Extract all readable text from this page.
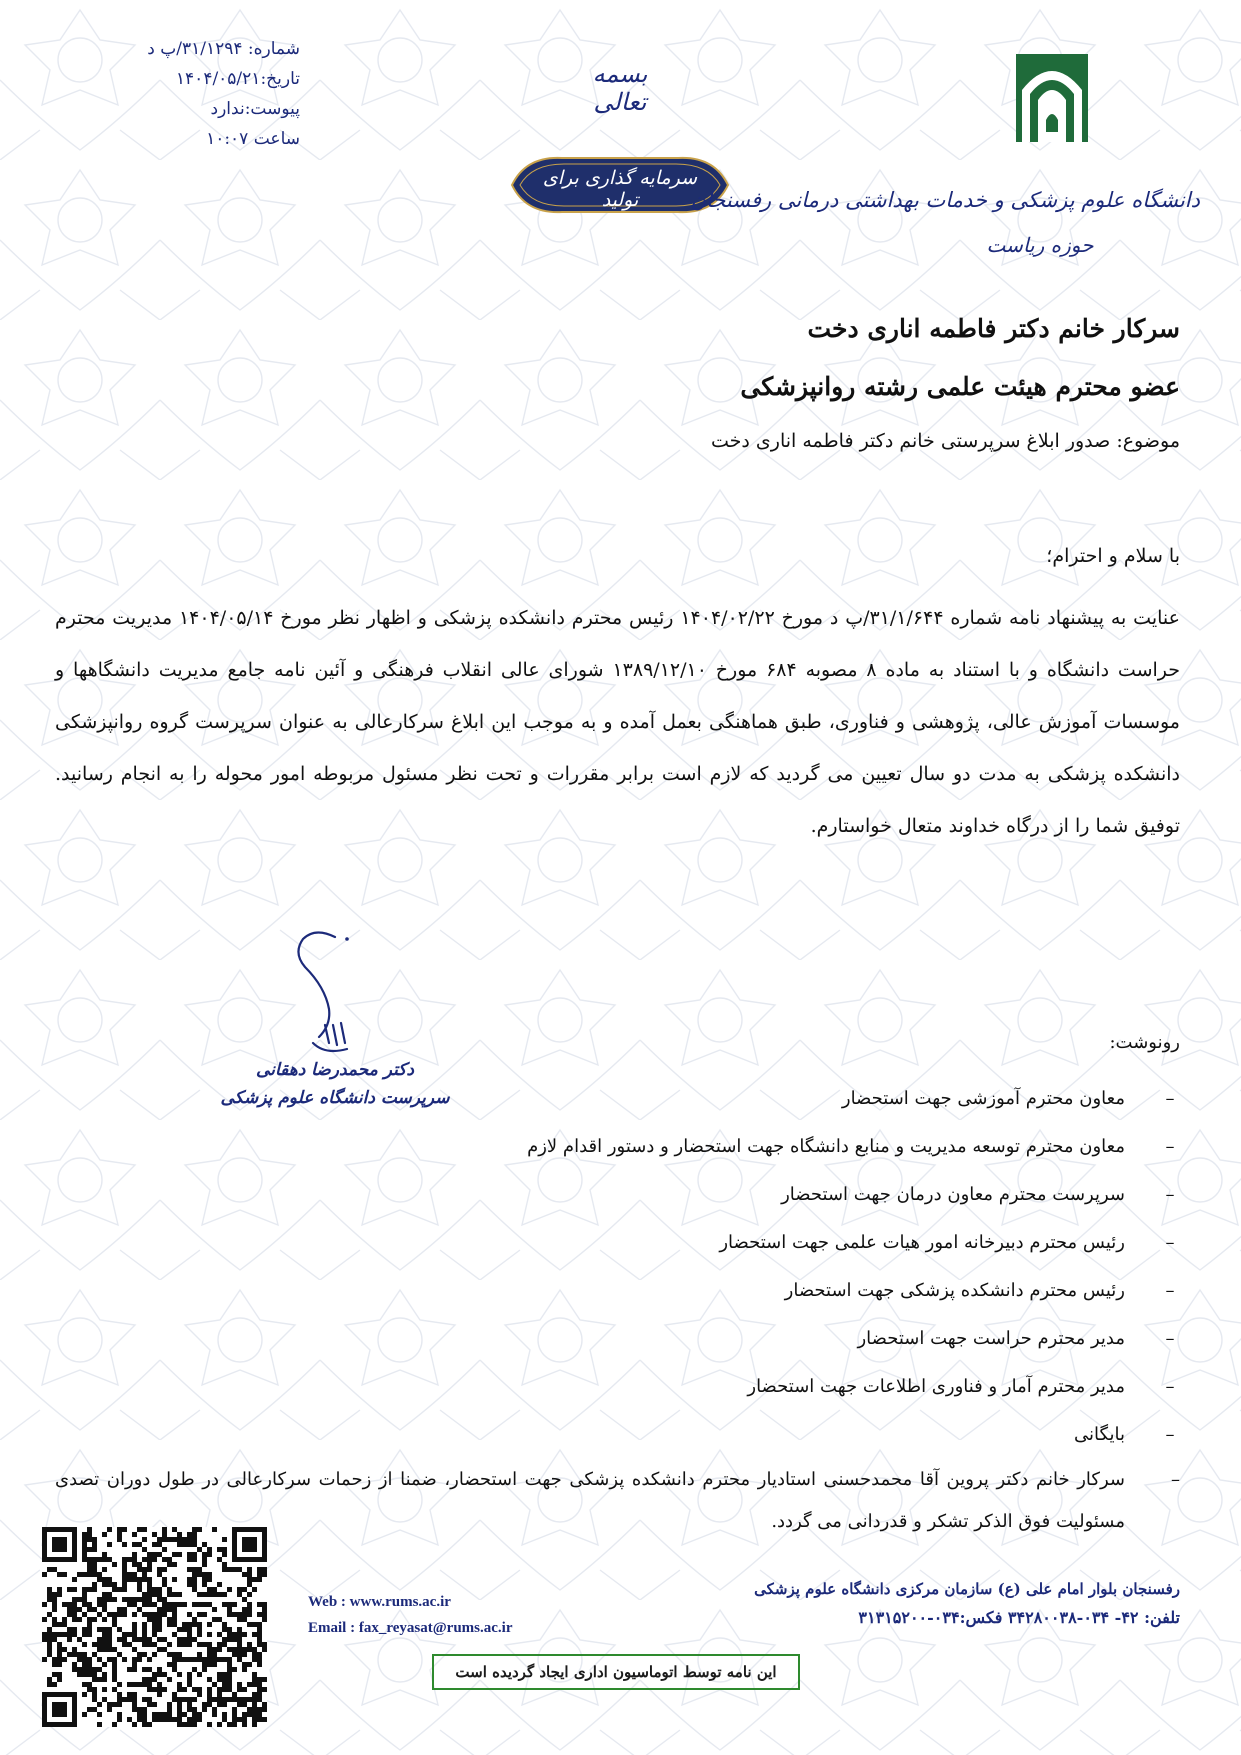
شماره: ۳۱/۱۲۹۴/پ د
تاریخ:۱۴۰۴/۰۵/۲۱
پیوست:ندارد
ساعت ۱۰:۰۷
بسمه تعالی
سرمایه گذاری برای تولید	دانشگاه علوم پزشکی و خدمات بهداشتی درمانی رفسنجان
حوزه ریاست
سرکار خانم دکتر فاطمه اناری دخت
عضو محترم هیئت علمی رشته روانپزشکی
موضوع: صدور ابلاغ سرپرستی خانم دکتر فاطمه اناری دخت
با سلام و احترام؛
عنایت به پیشنهاد نامه شماره ۳۱/۱/۶۴۴/پ د مورخ ۱۴۰۴/۰۲/۲۲ رئیس محترم دانشکده پزشکی و اظهار نظر مورخ ۱۴۰۴/۰۵/۱۴ مدیریت محترم حراست دانشگاه و با استناد به ماده ۸ مصوبه ۶۸۴ مورخ ۱۳۸۹/۱۲/۱۰ شورای عالی انقلاب فرهنگی و آئین نامه جامع مدیریت دانشگاهها و موسسات آموزش عالی، پژوهشی و فناوری، طبق هماهنگی بعمل آمده و به موجب این ابلاغ سرکارعالی به عنوان سرپرست گروه روانپزشکی دانشکده پزشکی به مدت دو سال تعیین می گردید که لازم است برابر مقررات و تحت نظر مسئول مربوطه امور محوله را به انجام رسانید. توفیق شما را از درگاه خداوند متعال خواستارم.
دکتر محمدرضا دهقانی
سرپرست دانشگاه علوم پزشکی
رونوشت:
–
معاون محترم آموزشی جهت استحضار
–
معاون محترم توسعه مدیریت و منابع دانشگاه جهت استحضار و دستور اقدام لازم
–
سرپرست محترم معاون درمان جهت استحضار
–
رئیس محترم دبیرخانه امور هیات علمی جهت استحضار
–
رئیس محترم دانشکده پزشکی جهت استحضار
–
مدیر محترم حراست جهت استحضار
–
مدیر محترم آمار و فناوری اطلاعات جهت استحضار
–
بایگانی
–
سرکار خانم دکتر پروین آقا محمدحسنی استادیار محترم دانشکده پزشکی جهت استحضار، ضمنا از زحمات سرکارعالی در طول دوران تصدی مسئولیت فوق الذکر تشکر و قدردانی می گردد.
رفسنجان بلوار امام علی (ع) سازمان مرکزی دانشگاه علوم پزشکی
تلفن: ۴۲- ۰۳۴-۳۴۲۸۰۰۳۸ فکس:۰۳۴-۳۱۳۱۵۲۰۰
Web : www.rums.ac.ir
Email : fax_reyasat@rums.ac.ir
این نامه توسط اتوماسیون اداری ایجاد گردیده است
